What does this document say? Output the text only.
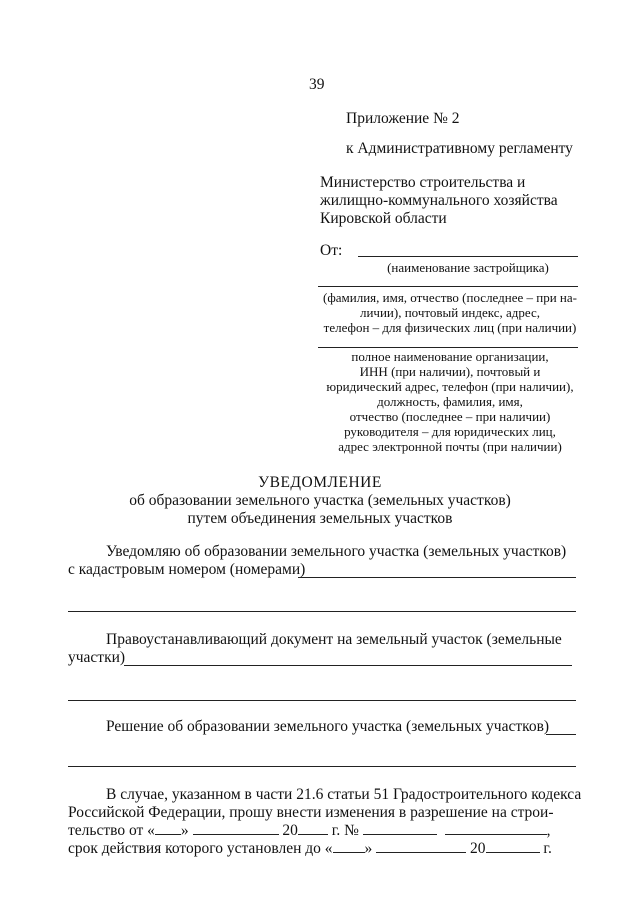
39
Приложение № 2
к Административному регламенту
Министерство строительства и
жилищно-коммунального хозяйства
Кировской области
От:
(наименование застройщика)
(фамилия, имя, отчество (последнее – при на-
личии), почтовый индекс, адрес,
телефон – для физических лиц (при наличии)
полное наименование организации,
ИНН (при наличии), почтовый и
юридический адрес, телефон (при наличии),
должность, фамилия, имя,
отчество (последнее – при наличии)
руководителя – для юридических лиц,
адрес электронной почты (при наличии)
УВЕДОМЛЕНИЕ
об образовании земельного участка (земельных участков)
путем объединения земельных участков
Уведомляю об образовании земельного участка (земельных участков)
с кадастровым номером (номерами)
Правоустанавливающий документ на земельный участок (земельные
участки)
Решение об образовании земельного участка (земельных участков)
В случае, указанном в части 21.6 статьи 51 Градостроительного кодекса
Российской Федерации, прошу внести изменения в разрешение на строи-
тельство от « »	20 г. №	,
срок действия которого установлен до « »	20	г.
